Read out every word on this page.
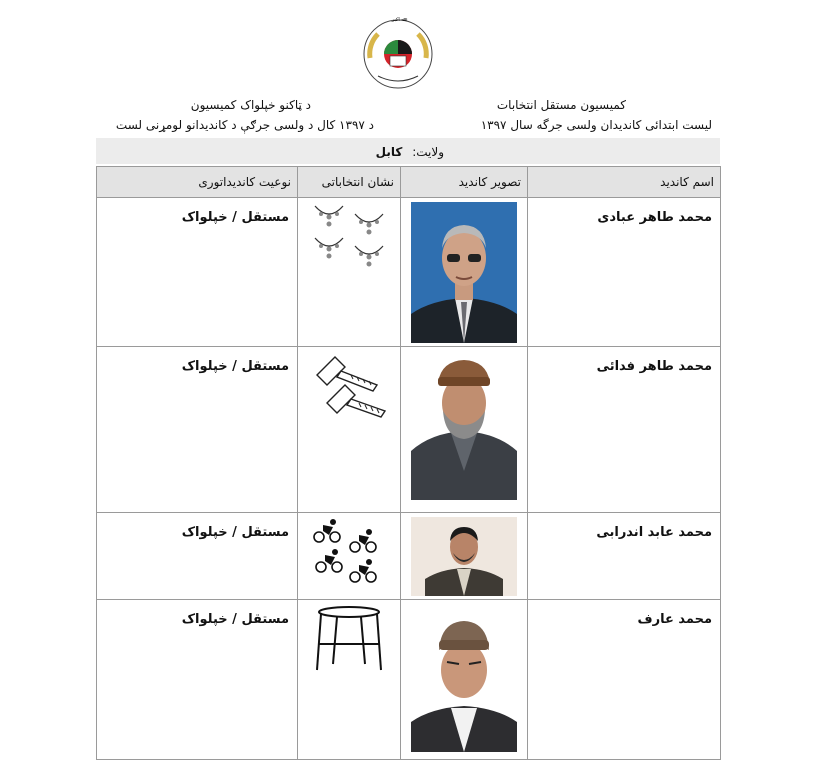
ﷲ اکبر
کمیسیون مستقل انتخابات
لیست ابتدائی کاندیدان ولسی جرگه سال ۱۳۹۷
د ټاکنو خپلواک کمیسیون
د ۱۳۹۷ کال د ولسی جرګې د کاندیدانو لومړنی لست
ولایت: کابل
اسم کاندید	تصویر کاندید	نشان انتخاباتی	نوعیت کاندیداتوری
محمد طاهر عبادی			مستقل / خپلواک
محمد طاهر فدائی			مستقل / خپلواک
محمد عابد اندرابی			مستقل / خپلواک
محمد عارف			مستقل / خپلواک
